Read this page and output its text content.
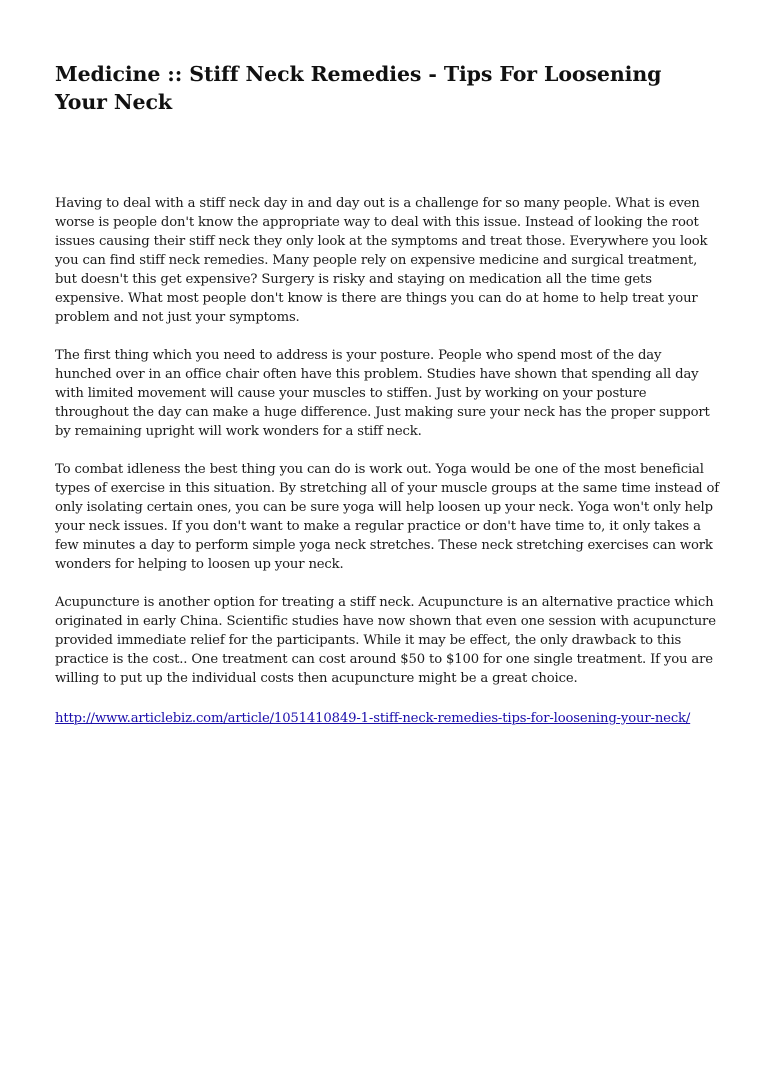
Medicine :: Stiff Neck Remedies - Tips For Loosening Your Neck

Having to deal with a stiff neck day in and day out is a challenge for so many people. What is even worse is people don't know the appropriate way to deal with this issue. Instead of looking the root issues causing their stiff neck they only look at the symptoms and treat those. Everywhere you look you can find stiff neck remedies. Many people rely on expensive medicine and surgical treatment, but doesn't this get expensive? Surgery is risky and staying on medication all the time gets expensive. What most people don't know is there are things you can do at home to help treat your problem and not just your symptoms.

The first thing which you need to address is your posture. People who spend most of the day hunched over in an office chair often have this problem. Studies have shown that spending all day with limited movement will cause your muscles to stiffen. Just by working on your posture throughout the day can make a huge difference. Just making sure your neck has the proper support by remaining upright will work wonders for a stiff neck.

To combat idleness the best thing you can do is work out. Yoga would be one of the most beneficial types of exercise in this situation. By stretching all of your muscle groups at the same time instead of only isolating certain ones, you can be sure yoga will help loosen up your neck. Yoga won't only help your neck issues. If you don't want to make a regular practice or don't have time to, it only takes a few minutes a day to perform simple yoga neck stretches. These neck stretching exercises can work wonders for helping to loosen up your neck.

Acupuncture is another option for treating a stiff neck. Acupuncture is an alternative practice which originated in early China. Scientific studies have now shown that even one session with acupuncture provided immediate relief for the participants. While it may be effect, the only drawback to this practice is the cost.. One treatment can cost around $50 to $100 for one single treatment. If you are willing to put up the individual costs then acupuncture might be a great choice.

http://www.articlebiz.com/article/1051410849-1-stiff-neck-remedies-tips-for-loosening-your-neck/
